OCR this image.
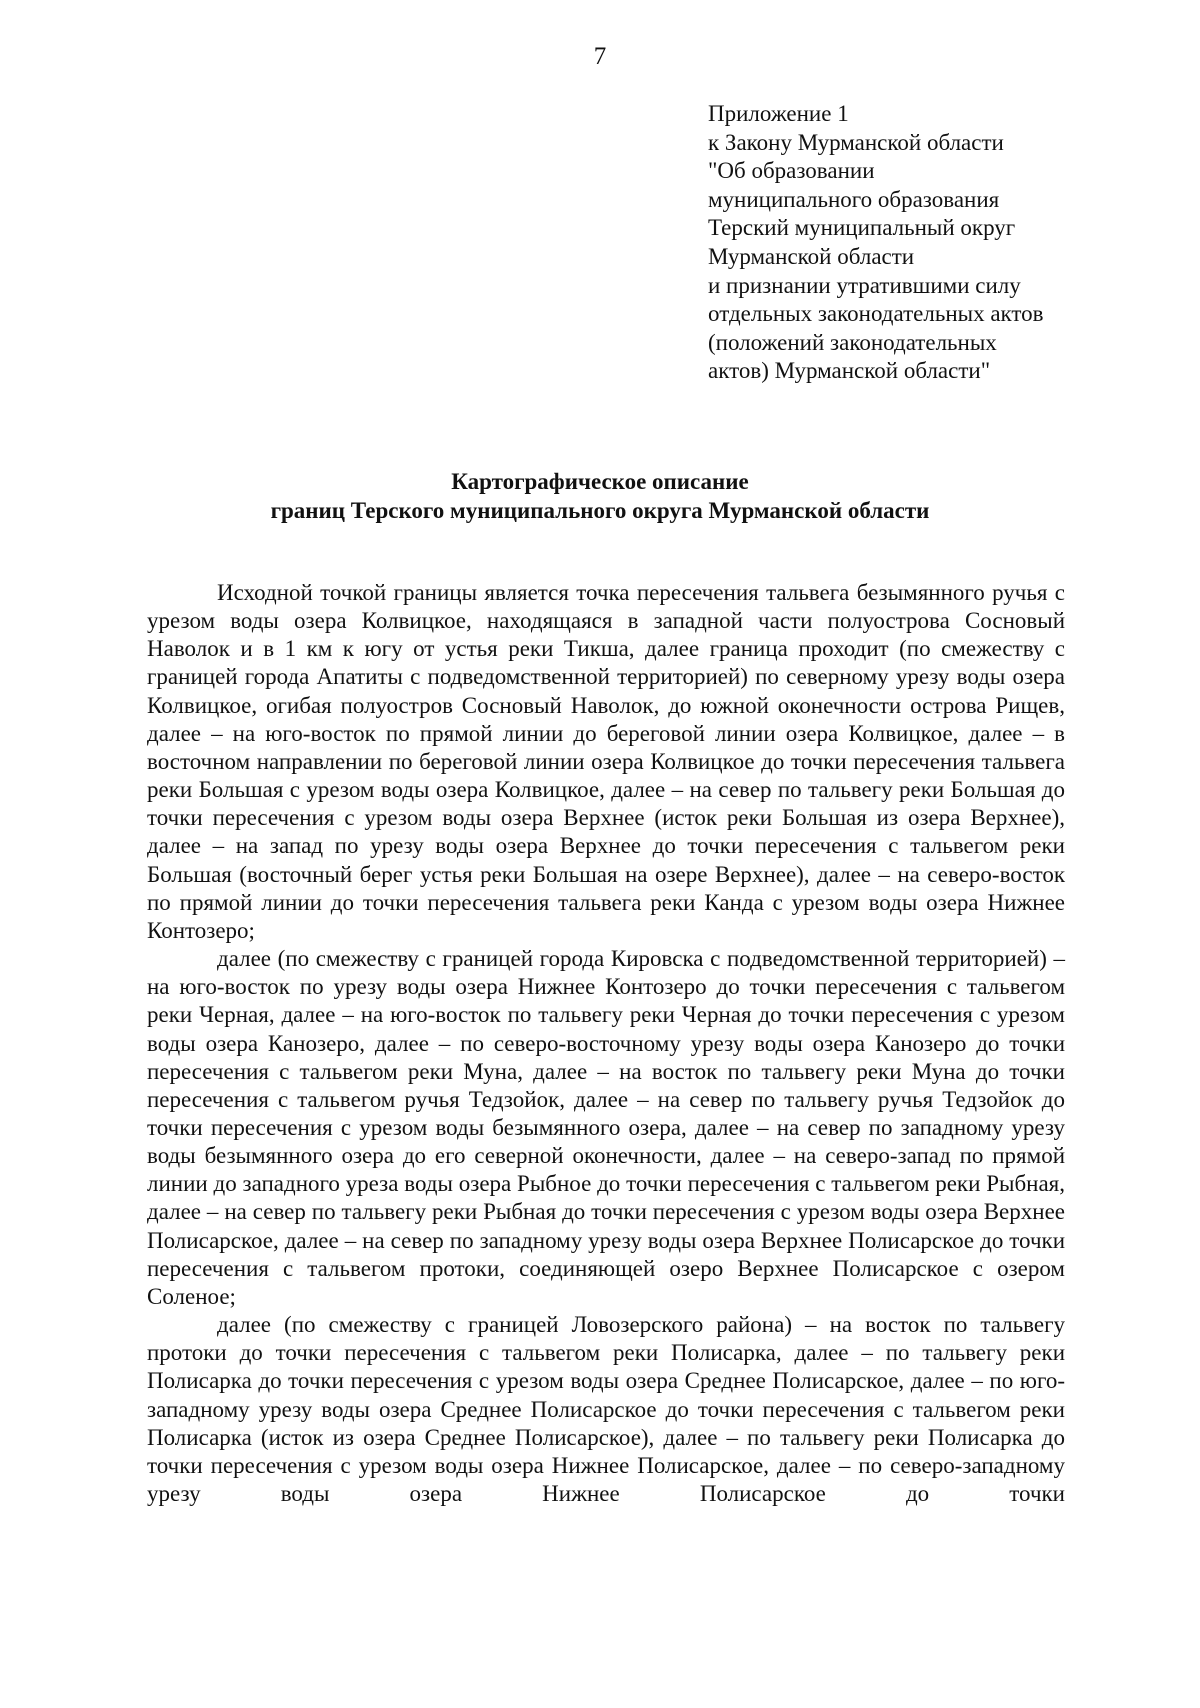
7
Приложение 1
к Закону Мурманской области
"Об образовании
муниципального образования
Терский муниципальный округ
Мурманской области
и признании утратившими силу
отдельных законодательных актов
(положений законодательных
актов) Мурманской области"
Картографическое описание
границ Терского муниципального округа Мурманской области

Исходной точкой границы является точка пересечения тальвега безымянного ручья с урезом воды озера Колвицкое, находящаяся в западной части полуострова Сосновый Наволок и в 1 км к югу от устья реки Тикша, далее граница проходит (по смежеству с границей города Апатиты с подведомственной территорией) по северному урезу воды озера Колвицкое, огибая полуостров Сосновый Наволок, до южной оконечности острова Рищев, далее – на юго-восток по прямой линии до береговой линии озера Колвицкое, далее – в восточном направлении по береговой линии озера Колвицкое до точки пересечения тальвега реки Большая с урезом воды озера Колвицкое, далее – на север по тальвегу реки Большая до точки пересечения с урезом воды озера Верхнее (исток реки Большая из озера Верхнее), далее – на запад по урезу воды озера Верхнее до точки пересечения с тальвегом реки Большая (восточный берег устья реки Большая на озере Верхнее), далее – на северо-восток по прямой линии до точки пересечения тальвега реки Канда с урезом воды озера Нижнее Контозеро;

далее (по смежеству с границей города Кировска с подведомственной территорией) – на юго-восток по урезу воды озера Нижнее Контозеро до точки пересечения с тальвегом реки Черная, далее – на юго-восток по тальвегу реки Черная до точки пересечения с урезом воды озера Канозеро, далее – по северо-восточному урезу воды озера Канозеро до точки пересечения с тальвегом реки Муна, далее – на восток по тальвегу реки Муна до точки пересечения с тальвегом ручья Тедзойок, далее – на север по тальвегу ручья Тедзойок до точки пересечения с урезом воды безымянного озера, далее – на север по западному урезу воды безымянного озера до его северной оконечности, далее – на северо-запад по прямой линии до западного уреза воды озера Рыбное до точки пересечения с тальвегом реки Рыбная, далее – на север по тальвегу реки Рыбная до точки пересечения с урезом воды озера Верхнее Полисарское, далее – на север по западному урезу воды озера Верхнее Полисарское до точки пересечения с тальвегом протоки, соединяющей озеро Верхнее Полисарское с озером Соленое;

далее (по смежеству с границей Ловозерского района) – на восток по тальвегу протоки до точки пересечения с тальвегом реки Полисарка, далее – по тальвегу реки Полисарка до точки пересечения с урезом воды озера Среднее Полисарское, далее – по юго-западному урезу воды озера Среднее Полисарское до точки пересечения с тальвегом реки Полисарка (исток из озера Среднее Полисарское), далее – по тальвегу реки Полисарка до точки пересечения с урезом воды озера Нижнее Полисарское, далее – по северо-западному урезу воды озера Нижнее Полисарское до точки
